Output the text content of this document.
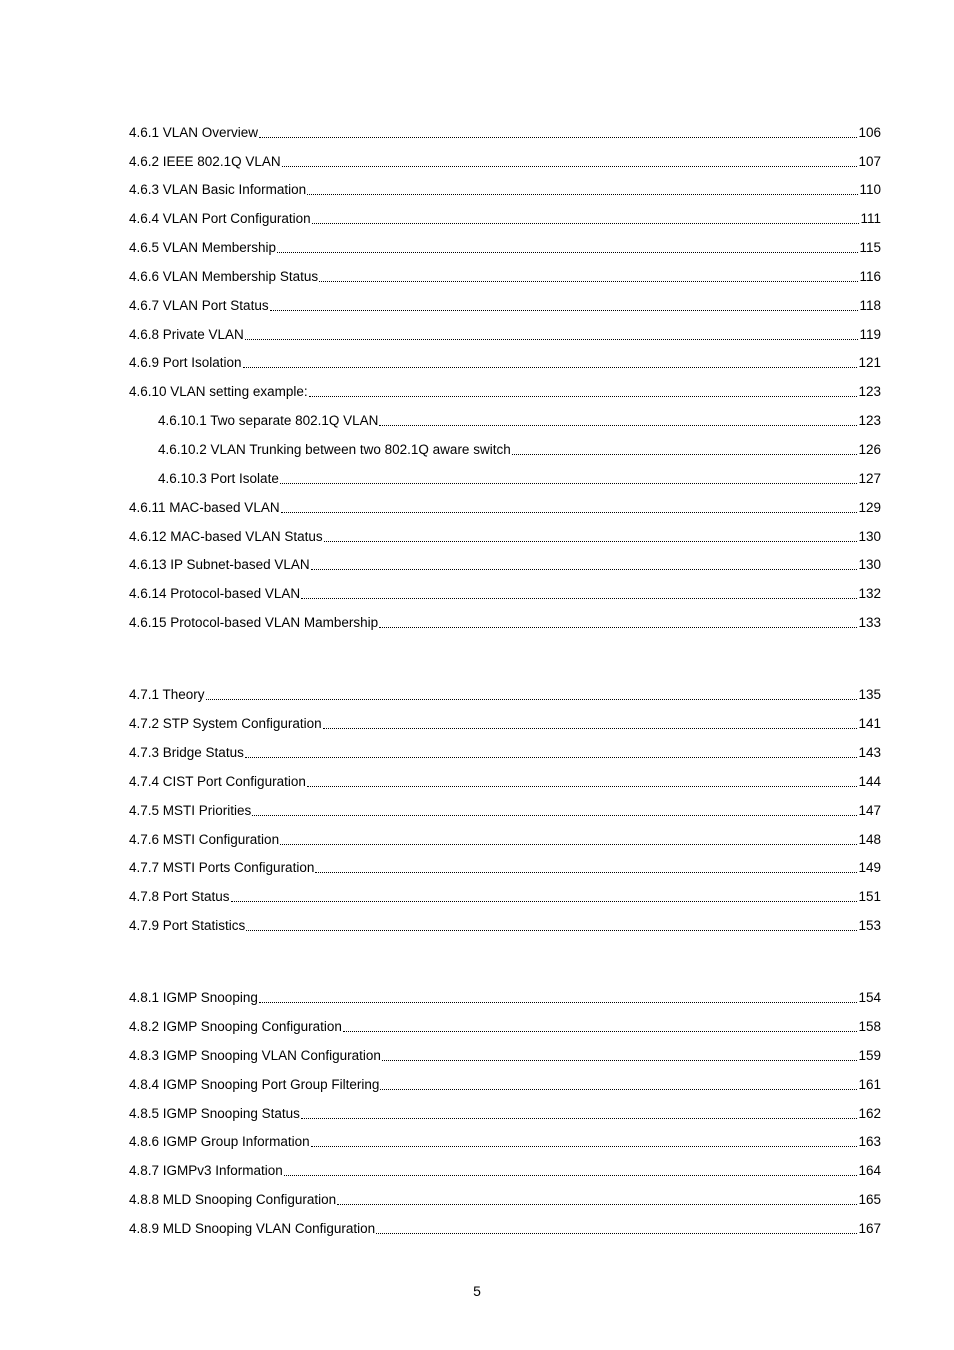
4.6.1 VLAN Overview	106
4.6.2 IEEE 802.1Q VLAN	107
4.6.3 VLAN Basic Information	110
4.6.4 VLAN Port Configuration	111
4.6.5 VLAN Membership	115
4.6.6 VLAN Membership Status	116
4.6.7 VLAN Port Status	118
4.6.8 Private VLAN	119
4.6.9 Port Isolation	121
4.6.10 VLAN setting example:	123
4.6.10.1 Two separate 802.1Q VLAN	123
4.6.10.2 VLAN Trunking between two 802.1Q aware switch	126
4.6.10.3 Port Isolate	127
4.6.11 MAC-based VLAN	129
4.6.12 MAC-based VLAN Status	130
4.6.13 IP Subnet-based VLAN	130
4.6.14 Protocol-based VLAN	132
4.6.15 Protocol-based VLAN Mambership	133
4.7.1 Theory	135
4.7.2 STP System Configuration	141
4.7.3 Bridge Status	143
4.7.4 CIST Port Configuration	144
4.7.5 MSTI Priorities	147
4.7.6 MSTI Configuration	148
4.7.7 MSTI Ports Configuration	149
4.7.8 Port Status	151
4.7.9 Port Statistics	153
4.8.1 IGMP Snooping	154
4.8.2 IGMP Snooping Configuration	158
4.8.3 IGMP Snooping VLAN Configuration	159
4.8.4 IGMP Snooping Port Group Filtering	161
4.8.5 IGMP Snooping Status	162
4.8.6 IGMP Group Information	163
4.8.7 IGMPv3 Information	164
4.8.8 MLD Snooping Configuration	165
4.8.9 MLD Snooping VLAN Configuration	167
5
